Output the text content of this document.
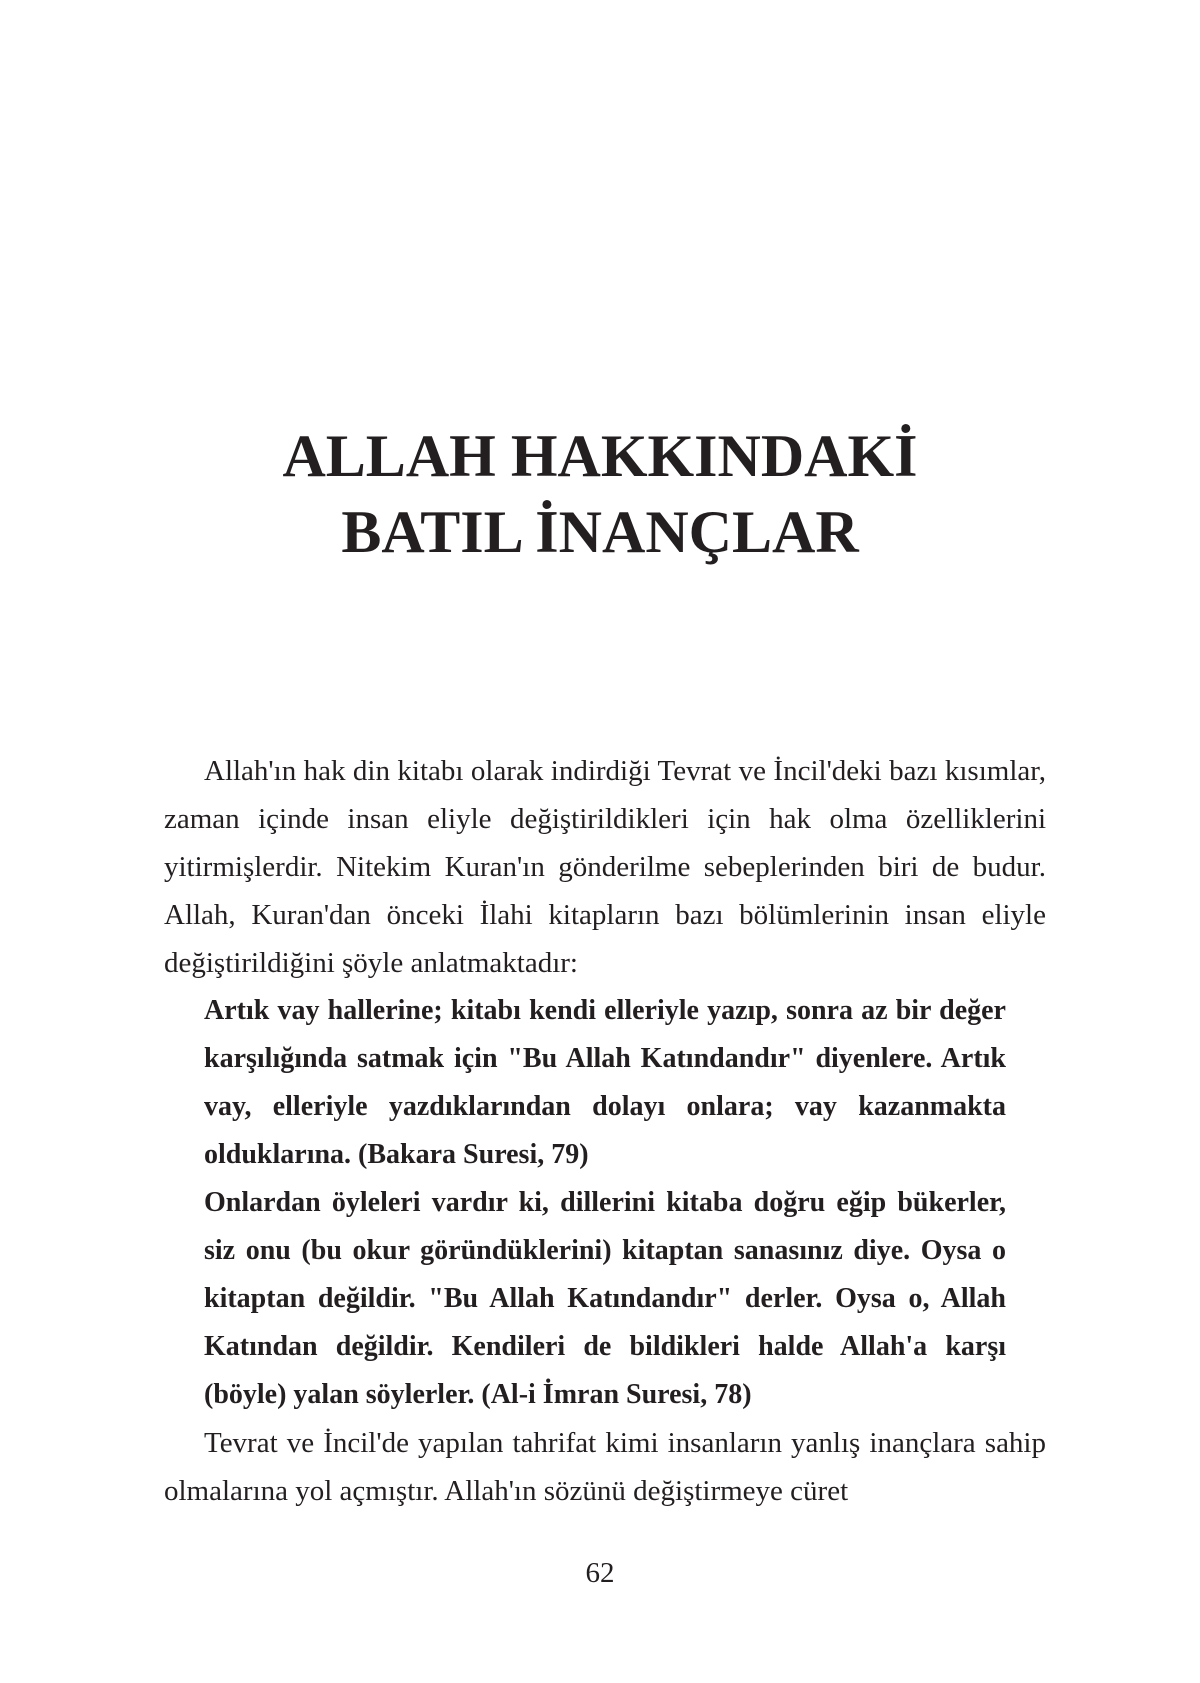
ALLAH HAKKINDAKİ
BATIL İNANÇLAR

Allah'ın hak din kitabı olarak indirdiği Tevrat ve İncil'deki bazı kısımlar, zaman içinde insan eliyle değiştirildikleri için hak olma özelliklerini yitirmişlerdir. Nitekim Kuran'ın gönderilme sebeplerinden biri de budur. Allah, Kuran'dan önceki İlahi kitapların bazı bölümlerinin insan eliyle değiştirildiğini şöyle anlatmaktadır:

Artık vay hallerine; kitabı kendi elleriyle yazıp, sonra az bir değer karşılığında satmak için "Bu Allah Katındandır" diyenlere. Artık vay, elleriyle yazdıklarından dolayı onlara; vay kazanmakta olduklarına. (Bakara Suresi, 79)

Onlardan öyleleri vardır ki, dillerini kitaba doğru eğip bükerler, siz onu (bu okur göründüklerini) kitaptan sanasınız diye. Oysa o kitaptan değildir. "Bu Allah Katındandır" derler. Oysa o, Allah Katından değildir. Kendileri de bildikleri halde Allah'a karşı (böyle) yalan söylerler. (Al-i İmran Suresi, 78)

Tevrat ve İncil'de yapılan tahrifat kimi insanların yanlış inançlara sahip olmalarına yol açmıştır. Allah'ın sözünü değiştirmeye cüret

62
